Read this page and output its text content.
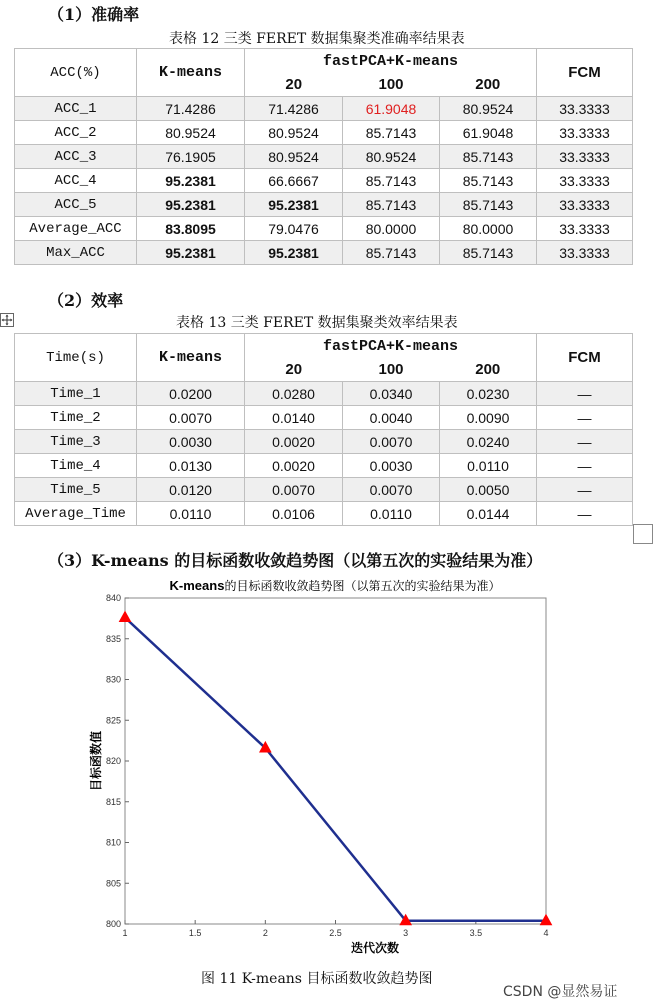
（1）准确率
表格 12 三类 FERET 数据集聚类准确率结果表
ACC(%)	K-means	fastPCA+K-means			FCM
		20	100	200	
ACC_1	71.4286	71.4286	61.9048	80.9524	33.3333
ACC_2	80.9524	80.9524	85.7143	61.9048	33.3333
ACC_3	76.1905	80.9524	80.9524	85.7143	33.3333
ACC_4	95.2381	66.6667	85.7143	85.7143	33.3333
ACC_5	95.2381	95.2381	85.7143	85.7143	33.3333
Average_ACC	83.8095	79.0476	80.0000	80.0000	33.3333
Max_ACC	95.2381	95.2381	85.7143	85.7143	33.3333
（2）效率
表格 13 三类 FERET 数据集聚类效率结果表
Time(s)	K-means	fastPCA+K-means			FCM
		20	100	200	
Time_1	0.0200	0.0280	0.0340	0.0230	—
Time_2	0.0070	0.0140	0.0040	0.0090	—
Time_3	0.0030	0.0020	0.0070	0.0240	—
Time_4	0.0130	0.0020	0.0030	0.0110	—
Time_5	0.0120	0.0070	0.0070	0.0050	—
Average_Time	0.0110	0.0106	0.0110	0.0144	—
（3）K-means 的目标函数收敛趋势图（以第五次的实验结果为准）
K-means的目标函数收敛趋势图（以第五次的实验结果为准）
800
805
810
815
820
825
830
835
840
1	1.5	2	2.5	3	3.5	4
迭代次数
目标函数值
图 11 K-means 目标函数收敛趋势图
CSDN @显然易证
